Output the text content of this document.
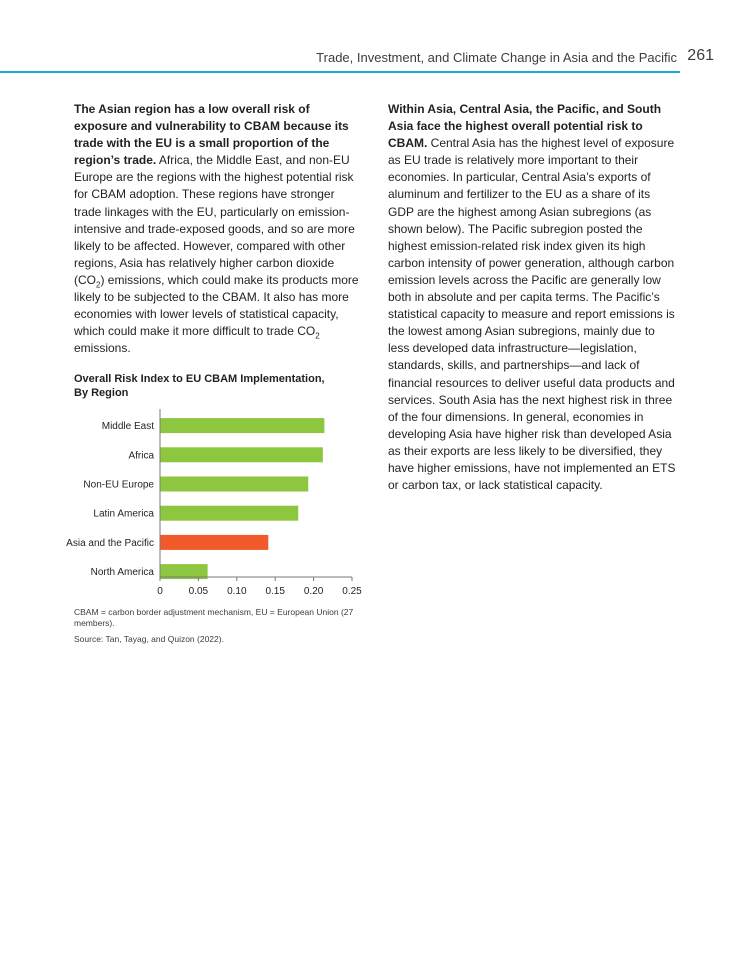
Trade, Investment, and Climate Change in Asia and the Pacific 261

The Asian region has a low overall risk of exposure and vulnerability to CBAM because its trade with the EU is a small proportion of the region’s trade. Africa, the Middle East, and non-EU Europe are the regions with the highest potential risk for CBAM adoption. These regions have stronger trade linkages with the EU, particularly on emission-intensive and trade-exposed goods, and so are more likely to be affected. However, compared with other regions, Asia has relatively higher carbon dioxide $(CO_2)$ emissions, which could make its products more likely to be subjected to the CBAM. It also has more economies with lower levels of statistical capacity, which could make it more difficult to trade $CO_2$ emissions.

Within Asia, Central Asia, the Pacific, and South Asia face the highest overall potential risk to CBAM. Central Asia has the highest level of exposure as EU trade is relatively more important to their economies. In particular, Central Asia’s exports of aluminum and fertilizer to the EU as a share of its GDP are the highest among Asian subregions (as shown below). The Pacific subregion posted the highest emission-related risk index given its high carbon intensity of power generation, although carbon emission levels across the Pacific are generally low both in absolute and per capita terms. The Pacific’s statistical capacity to measure and report emissions is the lowest among Asian subregions, mainly due to less developed data infrastructure—legislation, standards, skills, and partnerships—and lack of financial resources to deliver useful data products and services. South Asia has the next highest risk in three of the four dimensions. In general, economies in developing Asia have higher risk than developed Asia as their exports are less likely to be diversified, they have higher emissions, have not implemented an ETS or carbon tax, or lack statistical capacity.

Overall Risk Index to EU CBAM Implementation,
By Region
Middle East
Africa
Non-EU Europe
Latin America
Asia and the Pacific
North America
0	0.05 0.10 0.15 0.20 0.25
CBAM = carbon border adjustment mechanism, EU = European Union (27 members).
Source: Tan, Tayag, and Quizon (2022).
